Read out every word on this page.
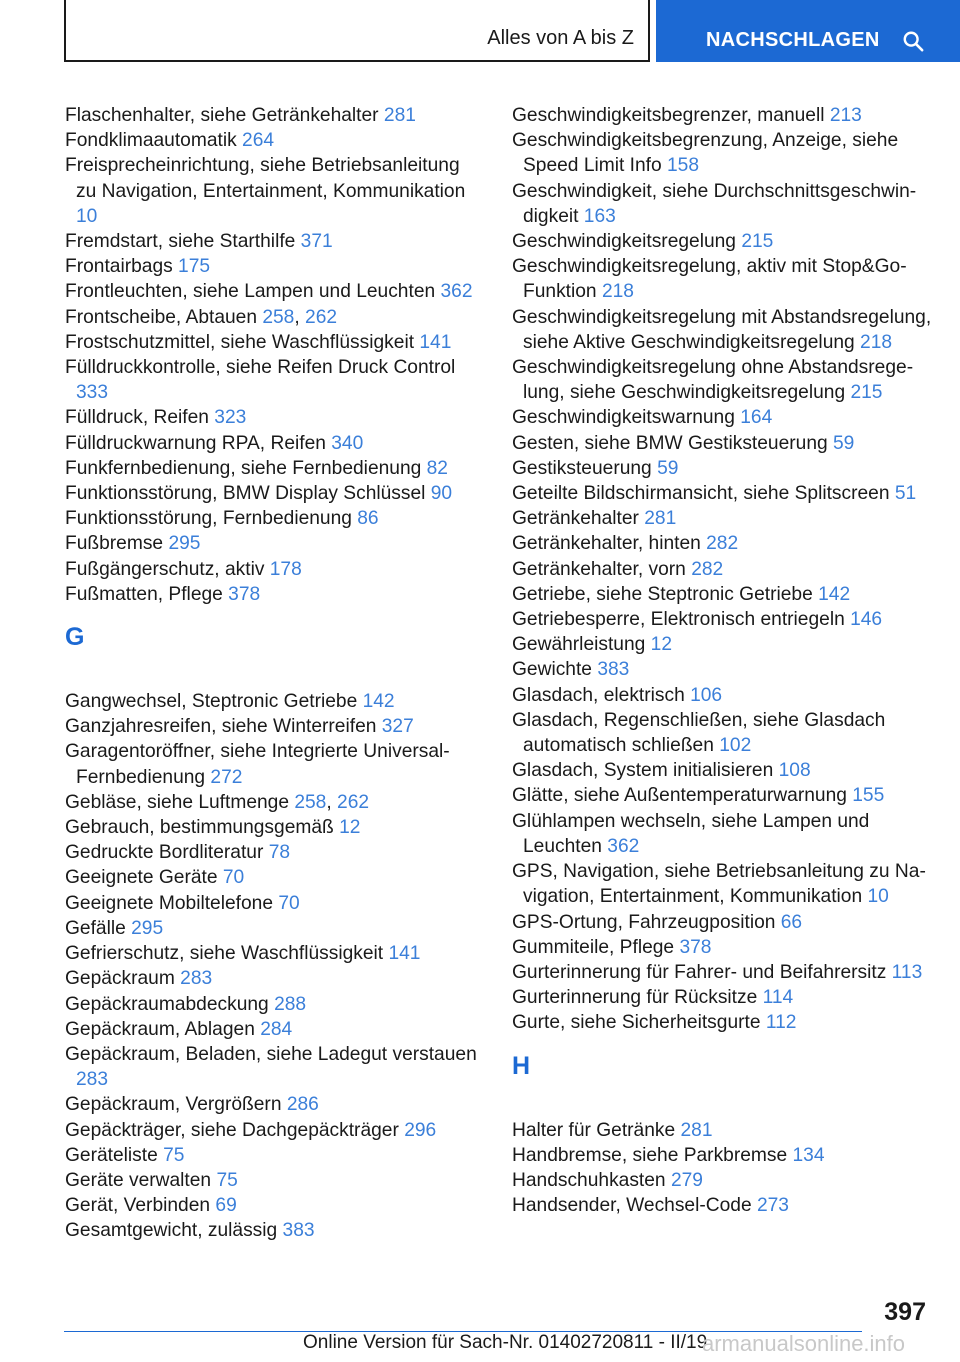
Alles von A bis Z	NACHSCHLAGEN
Flaschenhalter, siehe Getränkehalter 281
Fondklimaautomatik 264
Freisprecheinrichtung, siehe Betriebsanleitung zu Navigation, Entertainment, Kommunikation 10
Fremdstart, siehe Starthilfe 371
Frontairbags 175
Frontleuchten, siehe Lampen und Leuchten 362
Frontscheibe, Abtauen 258, 262
Frostschutzmittel, siehe Waschflüssigkeit 141
Fülldruckkontrolle, siehe Reifen Druck Control 333
Fülldruck, Reifen 323
Fülldruckwarnung RPA, Reifen 340
Funkfernbedienung, siehe Fernbedienung 82
Funktionsstörung, BMW Display Schlüssel 90
Funktionsstörung, Fernbedienung 86
Fußbremse 295
Fußgängerschutz, aktiv 178
Fußmatten, Pflege 378
G
Gangwechsel, Steptronic Getriebe 142
Ganzjahresreifen, siehe Winterreifen 327
Garagentoröffner, siehe Integrierte Universal-Fernbedienung 272
Gebläse, siehe Luftmenge 258, 262
Gebrauch, bestimmungsgemäß 12
Gedruckte Bordliteratur 78
Geeignete Geräte 70
Geeignete Mobiltelefone 70
Gefälle 295
Gefrierschutz, siehe Waschflüssigkeit 141
Gepäckraum 283
Gepäckraumabdeckung 288
Gepäckraum, Ablagen 284
Gepäckraum, Beladen, siehe Ladegut verstauen 283
Gepäckraum, Vergrößern 286
Gepäckträger, siehe Dachgepäckträger 296
Geräteliste 75
Geräte verwalten 75
Gerät, Verbinden 69
Gesamtgewicht, zulässig 383
Geschwindigkeitsbegrenzer, manuell 213
Geschwindigkeitsbegrenzung, Anzeige, siehe Speed Limit Info 158
Geschwindigkeit, siehe Durchschnittsgeschwindigkeit 163
Geschwindigkeitsregelung 215
Geschwindigkeitsregelung, aktiv mit Stop&Go-Funktion 218
Geschwindigkeitsregelung mit Abstandsregelung, siehe Aktive Geschwindigkeitsregelung 218
Geschwindigkeitsregelung ohne Abstandsregelung, siehe Geschwindigkeitsregelung 215
Geschwindigkeitswarnung 164
Gesten, siehe BMW Gestiksteuerung 59
Gestiksteuerung 59
Geteilte Bildschirmansicht, siehe Splitscreen 51
Getränkehalter 281
Getränkehalter, hinten 282
Getränkehalter, vorn 282
Getriebe, siehe Steptronic Getriebe 142
Getriebesperre, Elektronisch entriegeln 146
Gewährleistung 12
Gewichte 383
Glasdach, elektrisch 106
Glasdach, Regenschließen, siehe Glasdach automatisch schließen 102
Glasdach, System initialisieren 108
Glätte, siehe Außentemperaturwarnung 155
Glühlampen wechseln, siehe Lampen und Leuchten 362
GPS, Navigation, siehe Betriebsanleitung zu Navigation, Entertainment, Kommunikation 10
GPS-Ortung, Fahrzeugposition 66
Gummiteile, Pflege 378
Gurterinnerung für Fahrer- und Beifahrersitz 113
Gurterinnerung für Rücksitze 114
Gurte, siehe Sicherheitsgurte 112
H
Halter für Getränke 281
Handbremse, siehe Parkbremse 134
Handschuhkasten 279
Handsender, Wechsel-Code 273
397
Online Version für Sach-Nr. 01402720811 - II/19
armanualsonline.info
